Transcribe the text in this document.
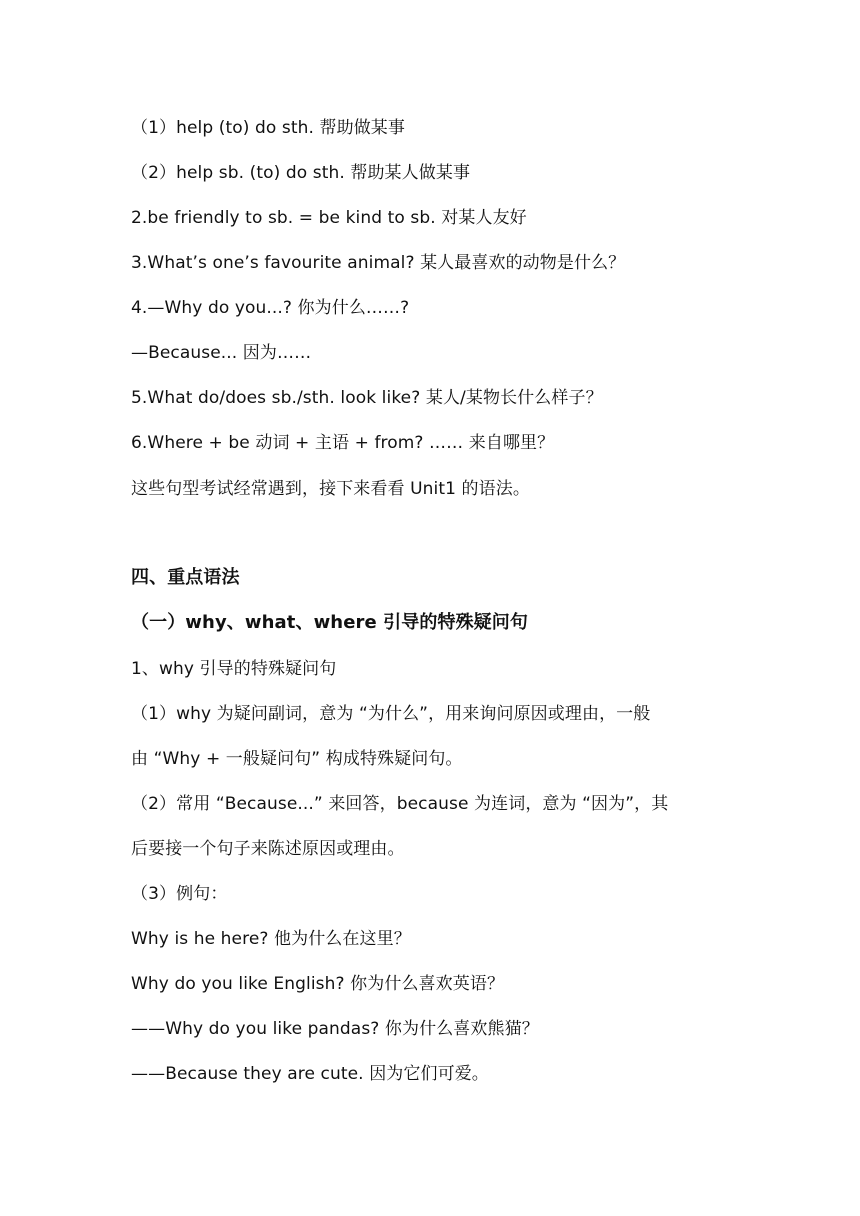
（1）help (to) do sth. 帮助做某事
（2）help sb. (to) do sth. 帮助某人做某事
2.be friendly to sb. = be kind to sb. 对某人友好
3.What’s one’s favourite animal? 某人最喜欢的动物是什么？
4.—Why do you...? 你为什么……?
—Because... 因为……
5.What do/does sb./sth. look like? 某人/某物长什么样子？
6.Where + be 动词 + 主语 + from? …… 来自哪里？
这些句型考试经常遇到，接下来看看 Unit1 的语法。
四、重点语法
（一）why、what、where 引导的特殊疑问句
1、why 引导的特殊疑问句
（1）why 为疑问副词，意为 “为什么”，用来询问原因或理由，一般
由 “Why + 一般疑问句” 构成特殊疑问句。
（2）常用 “Because...” 来回答，because 为连词，意为 “因为”，其
后要接一个句子来陈述原因或理由。
（3）例句：
Why is he here? 他为什么在这里？
Why do you like English? 你为什么喜欢英语？
——Why do you like pandas? 你为什么喜欢熊猫？
——Because they are cute. 因为它们可爱。
